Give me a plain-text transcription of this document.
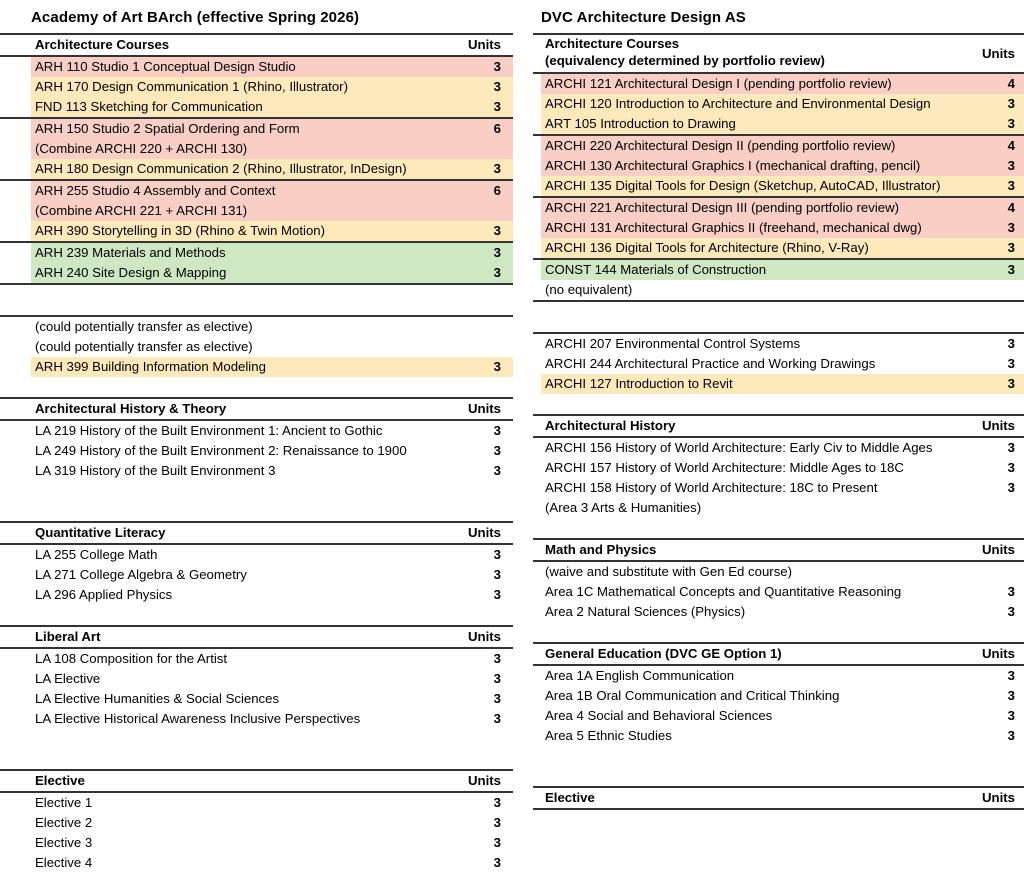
Academy of Art BArch (effective Spring 2026)
Architecture Courses	Units
ARH 110 Studio 1 Conceptual Design Studio	3
ARH 170 Design Communication 1 (Rhino, Illustrator)	3
FND 113 Sketching for Communication	3
ARH 150 Studio 2 Spatial Ordering and Form	6
(Combine ARCHI 220 + ARCHI 130)
ARH 180 Design Communication 2 (Rhino, Illustrator, InDesign)	3
ARH 255 Studio 4 Assembly and Context	6
(Combine ARCHI 221 + ARCHI 131)
ARH 390 Storytelling in 3D (Rhino & Twin Motion)	3
ARH 239 Materials and Methods	3
ARH 240 Site Design & Mapping	3
(could potentially transfer as elective)
(could potentially transfer as elective)
ARH 399 Building Information Modeling	3
Architectural History & Theory	Units
LA 219 History of the Built Environment 1: Ancient to Gothic	3
LA 249 History of the Built Environment 2: Renaissance to 1900	3
LA 319 History of the Built Environment 3	3
Quantitative Literacy	Units
LA 255 College Math	3
LA 271 College Algebra & Geometry	3
LA 296 Applied Physics	3
Liberal Art	Units
LA 108 Composition for the Artist	3
LA Elective	3
LA Elective Humanities & Social Sciences	3
LA Elective Historical Awareness Inclusive Perspectives	3
Elective	Units
Elective 1	3
Elective 2	3
Elective 3	3
Elective 4	3
DVC Architecture Design AS
Architecture Courses
(equivalency determined by portfolio review)	Units
ARCHI 121 Architectural Design I (pending portfolio review)	4
ARCHI 120 Introduction to Architecture and Environmental Design	3
ART 105 Introduction to Drawing	3
ARCHI 220 Architectural Design II (pending portfolio review)	4
ARCHI 130 Architectural Graphics I (mechanical drafting, pencil)	3
ARCHI 135 Digital Tools for Design (Sketchup, AutoCAD, Illustrator)	3
ARCHI 221 Architectural Design III (pending portfolio review)	4
ARCHI 131 Architectural Graphics II (freehand, mechanical dwg)	3
ARCHI 136 Digital Tools for Architecture (Rhino, V-Ray)	3
CONST 144 Materials of Construction	3
(no equivalent)
ARCHI 207 Environmental Control Systems	3
ARCHI 244 Architectural Practice and Working Drawings	3
ARCHI 127 Introduction to Revit	3
Architectural History	Units
ARCHI 156 History of World Architecture: Early Civ to Middle Ages	3
ARCHI 157 History of World Architecture: Middle Ages to 18C	3
ARCHI 158 History of World Architecture: 18C to Present	3
(Area 3 Arts & Humanities)
Math and Physics	Units
(waive and substitute with Gen Ed course)
Area 1C Mathematical Concepts and Quantitative Reasoning	3
Area 2 Natural Sciences (Physics)	3
General Education (DVC GE Option 1)	Units
Area 1A English Communication	3
Area 1B Oral Communication and Critical Thinking	3
Area 4 Social and Behavioral Sciences	3
Area 5 Ethnic Studies	3
Elective	Units
